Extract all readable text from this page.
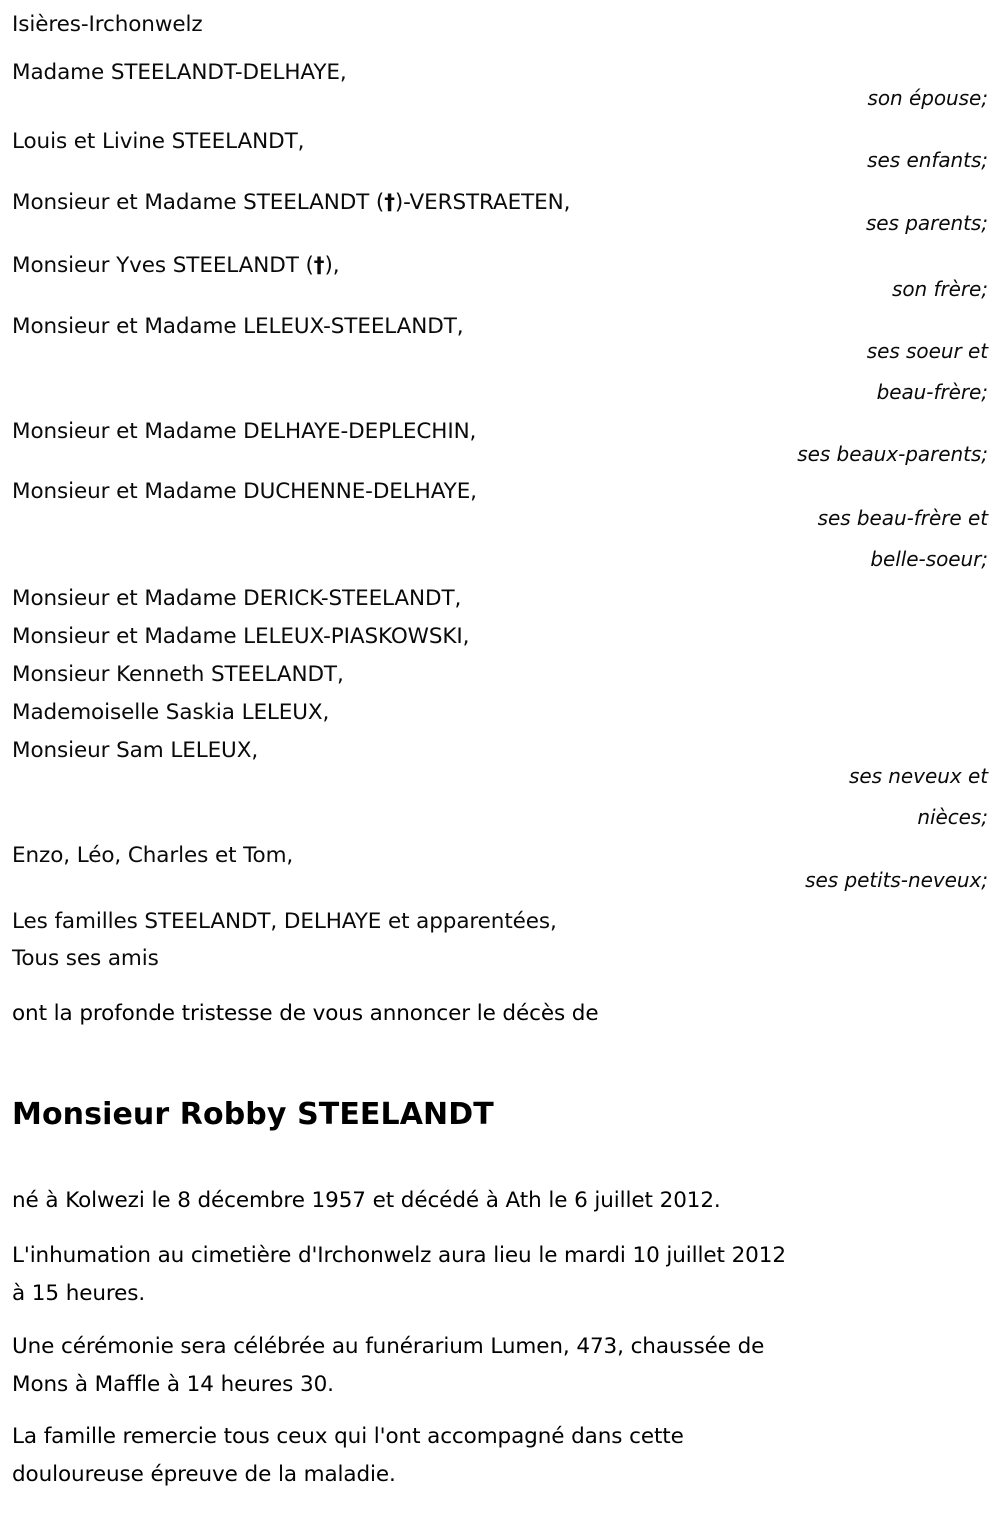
Isières-Irchonwelz
Madame STEELANDT-DELHAYE,
son épouse;
Louis et Livine STEELANDT,
ses enfants;
Monsieur et Madame STEELANDT (†)-VERSTRAETEN,
ses parents;
Monsieur Yves STEELANDT (†),
son frère;
Monsieur et Madame LELEUX-STEELANDT,
ses soeur et
beau-frère;
Monsieur et Madame DELHAYE-DEPLECHIN,
ses beaux-parents;
Monsieur et Madame DUCHENNE-DELHAYE,
ses beau-frère et
belle-soeur;
Monsieur et Madame DERICK-STEELANDT,
Monsieur et Madame LELEUX-PIASKOWSKI,
Monsieur Kenneth STEELANDT,
Mademoiselle Saskia LELEUX,
Monsieur Sam LELEUX,
ses neveux et
nièces;
Enzo, Léo, Charles et Tom,
ses petits-neveux;
Les familles STEELANDT, DELHAYE et apparentées,
Tous ses amis
ont la profonde tristesse de vous annoncer le décès de
Monsieur Robby STEELANDT
né à Kolwezi le 8 décembre 1957 et décédé à Ath le 6 juillet 2012.
L'inhumation au cimetière d'Irchonwelz aura lieu le mardi 10 juillet 2012
à 15 heures.
Une cérémonie sera célébrée au funérarium Lumen, 473, chaussée de
Mons à Maffle à 14 heures 30.
La famille remercie tous ceux qui l'ont accompagné dans cette
douloureuse épreuve de la maladie.
